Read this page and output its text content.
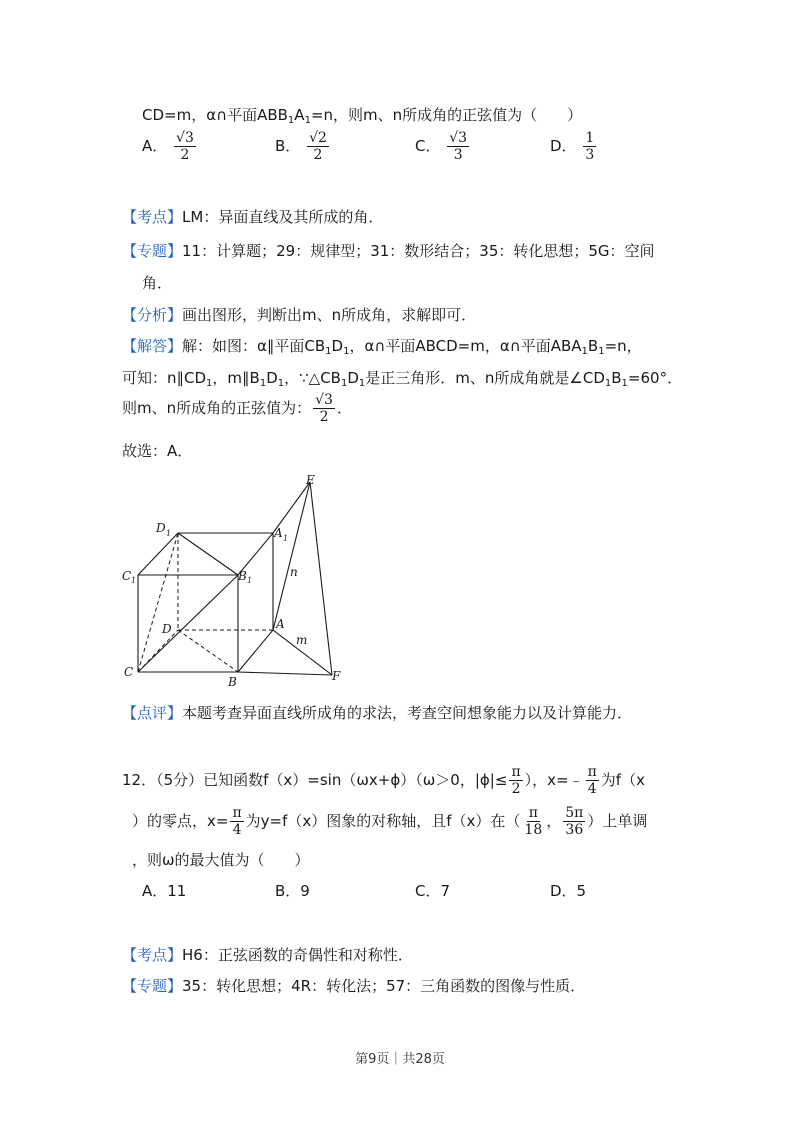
CD=m，α∩平面$ABB_1A_1=n$，则m、n所成角的正弦值为（　　）
A． $\frac{√3}{2}$	B． $\frac{√2}{2}$	C． $\frac{√3}{3}$	D． $\frac{1}{3}$
【考点】LM：异面直线及其所成的角．
【专题】11：计算题；29：规律型；31：数形结合；35：转化思想；5G：空间
角．
【分析】画出图形，判断出m、n所成角，求解即可．
【解答】解：如图：α∥平面$CB_1D_1$，α∩平面ABCD=m，α∩平面$ABA_1B_1=n$，
可知：$n\parallel CD_1$，$m\parallel B_1D_1$，$\because\triangle CB_1D_1$是正三角形．m、n所成角就是$\angle CD_1B_1=60^\circ$．
则m、n所成角的正弦值为： $\frac{√3}{2}$ ．
故选：A．
E
D 1	A 1
C 1	B 1
n
D	A
m
C
B	F
【点评】本题考查异面直线所成角的求法，考查空间想象能力以及计算能力．
12．（5分）已知函数f（x）=sin（ωx+ϕ）（ω＞0，$|\phi|\le \frac{\pi}{2}$ ），x=﹣ $\frac{\pi}{4}$ 为f（x
）的零点，$x= \frac{\pi}{4}$ 为y=f（x）图象的对称轴，且f（x）在（ $\frac{\pi}{18}$ ， $\frac{5\pi}{36}$ ）上单调
，则ω的最大值为（　　）
A．11	B．9	C．7	D．5
【考点】H6：正弦函数的奇偶性和对称性．
【专题】35：转化思想；4R：转化法；57：三角函数的图像与性质．
第9页｜共28页
